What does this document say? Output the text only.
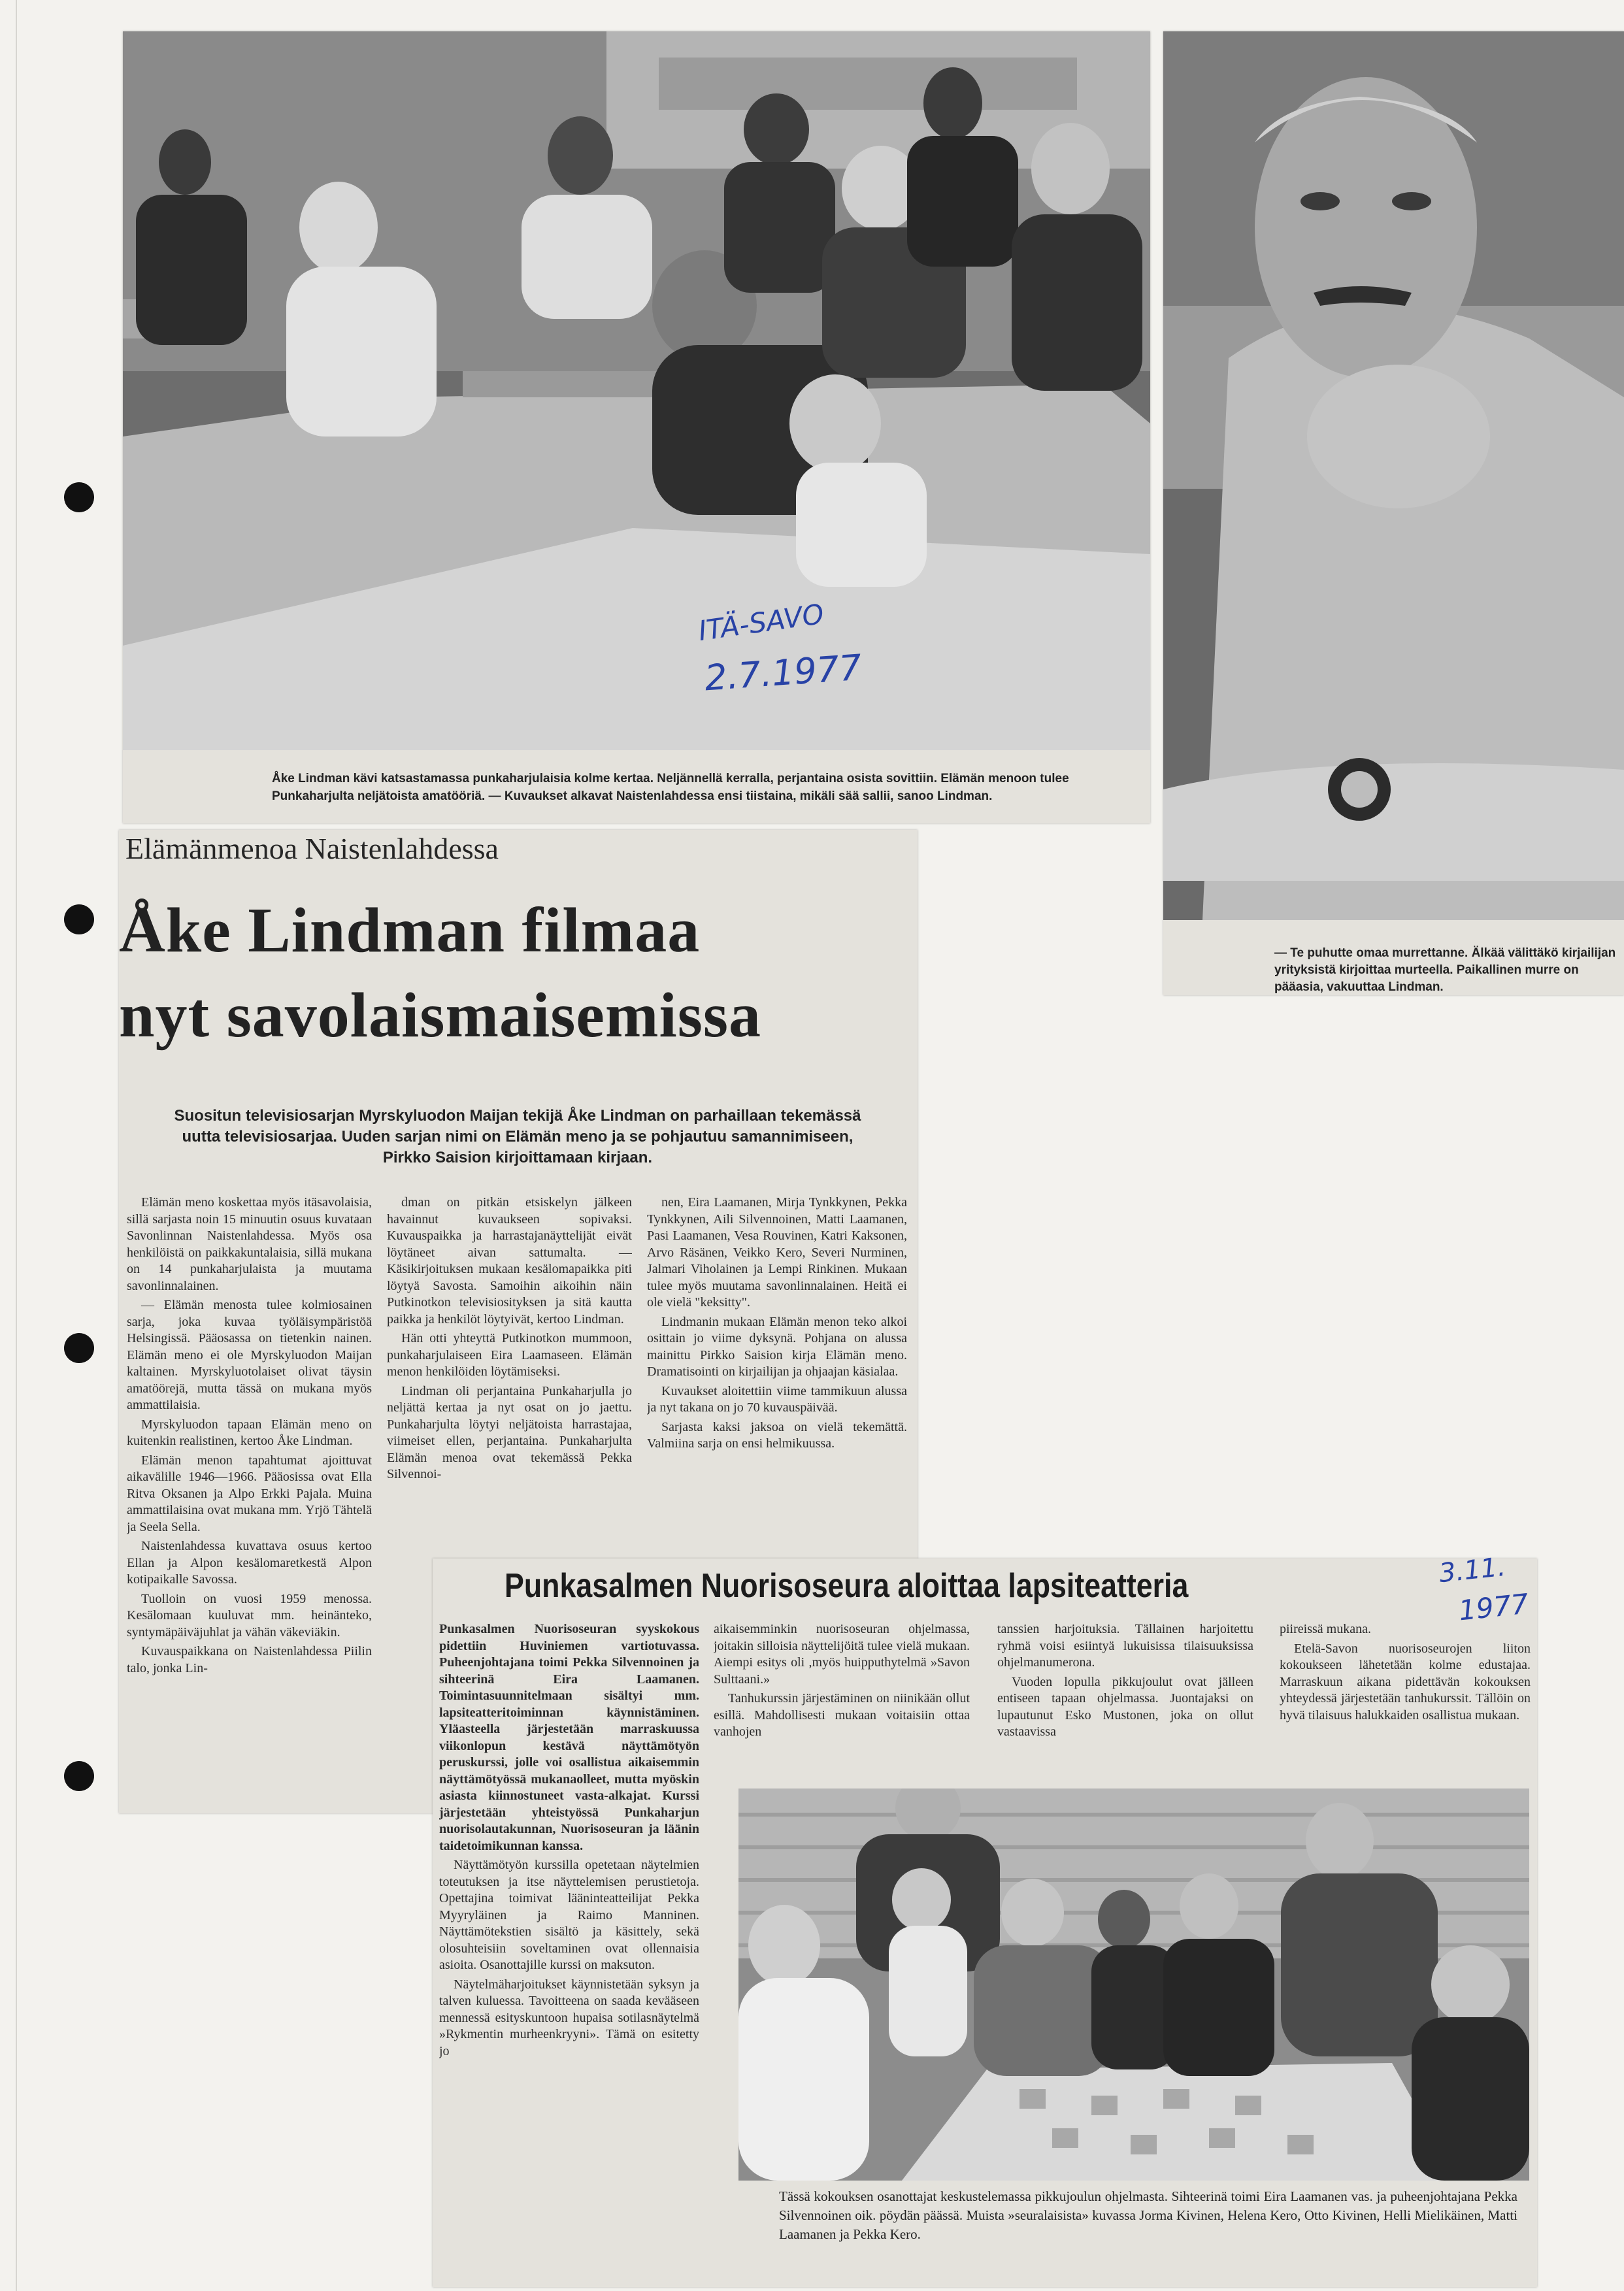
ITÄ-SAVO
2.7.1977

Åke Lindman kävi katsastamassa punkaharjulaisia kolme kertaa. Neljännellä kerralla, perjantaina osista sovittiin. Elämän menoon tulee Punkaharjulta neljätoista amatööriä. — Kuvaukset alkavat Naistenlahdessa ensi tiistaina, mikäli sää sallii, sanoo Lindman.

— Te puhutte omaa murrettanne. Älkää välittäkö kirjailijan yrityksistä kirjoittaa murteella. Paikallinen murre on pääasia, vakuuttaa Lindman.

Elämänmenoa Naistenlahdessa
Åke Lindman filmaa
nyt savolaismaisemissa

Suositun televisiosarjan Myrskyluodon Maijan tekijä Åke Lindman on parhaillaan tekemässä uutta televisiosarjaa. Uuden sarjan nimi on Elämän meno ja se pohjautuu samannimiseen, Pirkko Saision kirjoittamaan kirjaan.

Elämän meno koskettaa myös itäsavolaisia, sillä sarjasta noin 15 minuutin osuus kuvataan Savonlinnan Naistenlahdessa. Myös osa henkilöistä on paikkakuntalaisia, sillä mukana on 14 punkaharjulaista ja muutama savonlinnalainen.

— Elämän menosta tulee kolmiosainen sarja, joka kuvaa työläisympäristöä Helsingissä. Pääosassa on tietenkin nainen. Elämän meno ei ole Myrskyluodon Maijan kaltainen. Myrskyluotolaiset olivat täysin amatöörejä, mutta tässä on mukana myös ammattilaisia.

Myrskyluodon tapaan Elämän meno on kuitenkin realistinen, kertoo Åke Lindman.

Elämän menon tapahtumat ajoittuvat aikavälille 1946—1966. Pääosissa ovat Ella Ritva Oksanen ja Alpo Erkki Pajala. Muina ammattilaisina ovat mukana mm. Yrjö Tähtelä ja Seela Sella.

Naistenlahdessa kuvattava osuus kertoo Ellan ja Alpon kesälomaretkestä Alpon kotipaikalle Savossa.

Tuolloin on vuosi 1959 menossa. Kesälomaan kuuluvat mm. heinänteko, syntymäpäiväjuhlat ja vähän väkeviäkin.

Kuvauspaikkana on Naistenlahdessa Piilin talo, jonka Lin-

dman on pitkän etsiskelyn jälkeen havainnut kuvaukseen sopivaksi. Kuvauspaikka ja harrastajanäyttelijät eivät löytäneet aivan sattumalta. — Käsikirjoituksen mukaan kesälomapaikka piti löytyä Savosta. Samoihin aikoihin näin Putkinotkon televisiosityksen ja sitä kautta paikka ja henkilöt löytyivät, kertoo Lindman.

Hän otti yhteyttä Putkinotkon mummoon, punkaharjulaiseen Eira Laamaseen. Elämän menon henkilöiden löytämiseksi.

Lindman oli perjantaina Punkaharjulla jo neljättä kertaa ja nyt osat on jo jaettu. Punkaharjulta löytyi neljätoista harrastajaa, viimeiset ellen, perjantaina. Punkaharjulta Elämän menoa ovat tekemässä Pekka Silvennoi-

nen, Eira Laamanen, Mirja Tynkkynen, Pekka Tynkkynen, Aili Silvennoinen, Matti Laamanen, Pasi Laamanen, Vesa Rouvinen, Katri Kaksonen, Arvo Räsänen, Veikko Kero, Severi Nurminen, Jalmari Viholainen ja Lempi Rinkinen. Mukaan tulee myös muutama savonlinnalainen. Heitä ei ole vielä "keksitty".

Lindmanin mukaan Elämän menon teko alkoi osittain jo viime dyksynä. Pohjana on alussa mainittu Pirkko Saision kirja Elämän meno. Dramatisointi on kirjailijan ja ohjaajan käsialaa.

Kuvaukset aloitettiin viime tammikuun alussa ja nyt takana on jo 70 kuvauspäivää.

Sarjasta kaksi jaksoa on vielä tekemättä. Valmiina sarja on ensi helmikuussa.

Punkasalmen Nuorisoseura aloittaa lapsiteatteria	3.11.
1977

Punkasalmen Nuorisoseuran syyskokous pidettiin Huviniemen vartiotuvassa. Puheenjohtajana toimi Pekka Silvennoinen ja sihteerinä Eira Laamanen. Toimintasuunnitelmaan sisältyi mm. lapsiteatteritoiminnan käynnistäminen. Yläasteella järjestetään marraskuussa viikonlopun kestävä näyttämötyön peruskurssi, jolle voi osallistua aikaisemmin näyttämötyössä mukanaolleet, mutta myöskin asiasta kiinnostuneet vasta-alkajat. Kurssi järjestetään yhteistyössä Punkaharjun nuorisolautakunnan, Nuorisoseuran ja läänin taidetoimikunnan kanssa.

Näyttämötyön kurssilla opetetaan näytelmien toteutuksen ja itse näyttelemisen perustietoja. Opettajina toimivat lääninteatteilijat Pekka Myyryläinen ja Raimo Manninen. Näyttämötekstien sisältö ja käsittely, sekä olosuhteisiin soveltaminen ovat ollennaisia asioita. Osanottajille kurssi on maksuton.

Näytelmäharjoitukset käynnistetään syksyn ja talven kuluessa. Tavoitteena on saada kevääseen mennessä esityskuntoon hupaisa sotilasnäytelmä »Rykmentin murheenkryyni». Tämä on esitetty jo

aikaisemminkin nuorisoseuran ohjelmassa, joitakin silloisia näyttelijöitä tulee vielä mukaan. Aiempi esitys oli ,myös huipputhytelmä »Savon Sulttaani.»

Tanhukurssin järjestäminen on niinikään ollut esillä. Mahdollisesti mukaan voitaisiin ottaa vanhojen

tanssien harjoituksia. Tällainen harjoitettu ryhmä voisi esiintyä lukuisissa tilaisuuksissa ohjelmanumerona.

Vuoden lopulla pikkujoulut ovat jälleen entiseen tapaan ohjelmassa. Juontajaksi on lupautunut Esko Mustonen, joka on ollut vastaavissa

piireissä mukana.

Etelä-Savon nuorisoseurojen liiton kokoukseen lähetetään kolme edustajaa. Marraskuun aikana pidettävän kokouksen yhteydessä järjestetään tanhukurssit. Tällöin on hyvä tilaisuus halukkaiden osallistua mukaan.

Tässä kokouksen osanottajat keskustelemassa pikkujoulun ohjelmasta. Sihteerinä toimi Eira Laamanen vas. ja puheenjohtajana Pekka Silvennoinen oik. pöydän päässä. Muista »seuralaisista» kuvassa Jorma Kivinen, Helena Kero, Otto Kivinen, Helli Mielikäinen, Matti Laamanen ja Pekka Kero.
